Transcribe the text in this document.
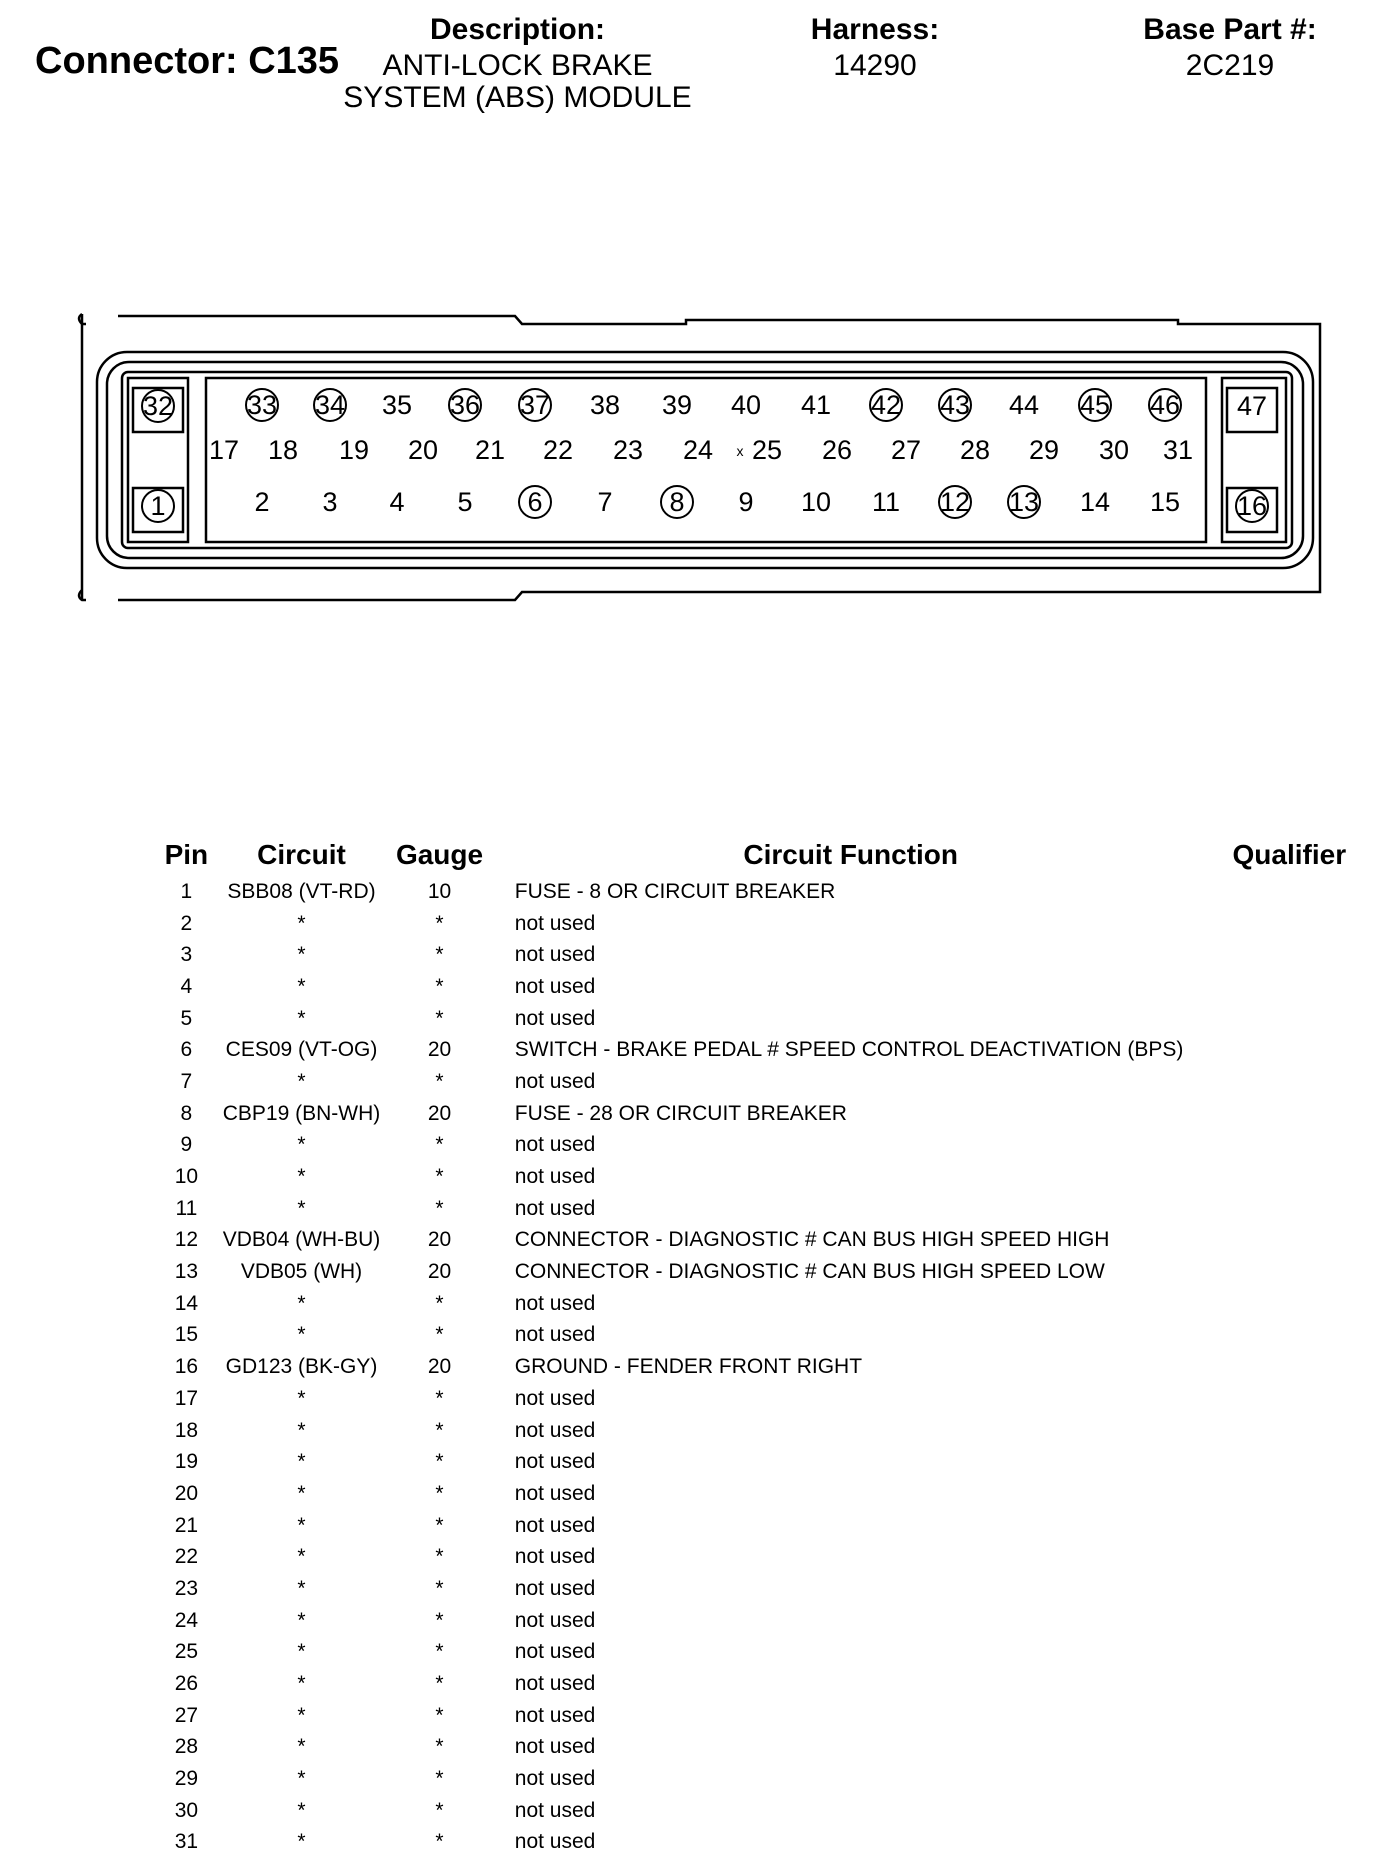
Connector: C135
Description:
ANTI-LOCK BRAKE
SYSTEM (ABS) MODULE
Harness:
14290
Base Part #:
2C219
33 34 35 36 37 38 39 40 41 42 43 44 45 46
17 18 19 20 21 22 23 24 25 26 27 28 29 30 31
2 3 4 5 6 7 8 9 10 11 12 13 14 15
32
1
47
16
x
Pin	Circuit	Gauge	Circuit Function	Qualifier
1	SBB08 (VT-RD)	10	FUSE - 8 OR CIRCUIT BREAKER	
2	*	*	not used	
3	*	*	not used	
4	*	*	not used	
5	*	*	not used	
6	CES09 (VT-OG)	20	SWITCH - BRAKE PEDAL # SPEED CONTROL DEACTIVATION (BPS)	
7	*	*	not used	
8	CBP19 (BN-WH)	20	FUSE - 28 OR CIRCUIT BREAKER	
9	*	*	not used	
10	*	*	not used	
11	*	*	not used	
12	VDB04 (WH-BU)	20	CONNECTOR - DIAGNOSTIC # CAN BUS HIGH SPEED HIGH	
13	VDB05 (WH)	20	CONNECTOR - DIAGNOSTIC # CAN BUS HIGH SPEED LOW	
14	*	*	not used	
15	*	*	not used	
16	GD123 (BK-GY)	20	GROUND - FENDER FRONT RIGHT	
17	*	*	not used	
18	*	*	not used	
19	*	*	not used	
20	*	*	not used	
21	*	*	not used	
22	*	*	not used	
23	*	*	not used	
24	*	*	not used	
25	*	*	not used	
26	*	*	not used	
27	*	*	not used	
28	*	*	not used	
29	*	*	not used	
30	*	*	not used	
31	*	*	not used	
